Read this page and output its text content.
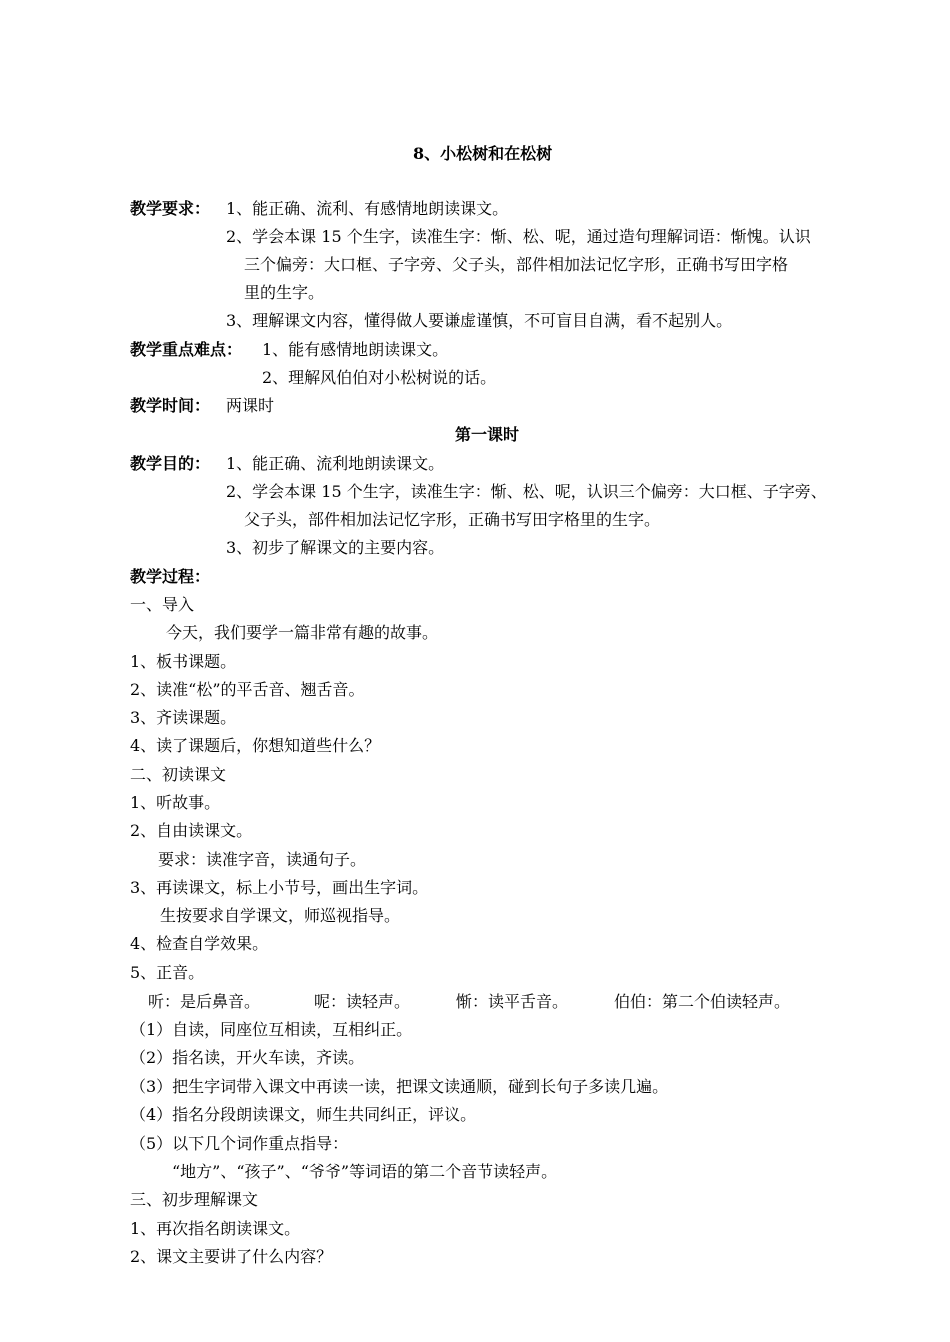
8、小松树和在松树
教学要求： 1、能正确、流利、有感情地朗读课文。
2、学会本课 15 个生字，读准生字：惭、松、呢，通过造句理解词语：惭愧。认识
三个偏旁：大口框、子字旁、父子头，部件相加法记忆字形，正确书写田字格
里的生字。
3、理解课文内容，懂得做人要谦虚谨慎，不可盲目自满，看不起别人。
教学重点难点： 1、能有感情地朗读课文。
2、理解风伯伯对小松树说的话。
教学时间： 两课时
第一课时
教学目的： 1、能正确、流利地朗读课文。
2、学会本课 15 个生字，读准生字：惭、松、呢，认识三个偏旁：大口框、子字旁、
父子头，部件相加法记忆字形，正确书写田字格里的生字。
3、初步了解课文的主要内容。
教学过程：
一、导入
今天，我们要学一篇非常有趣的故事。
1、板书课题。
2、读准“松”的平舌音、翘舌音。
3、齐读课题。
4、读了课题后，你想知道些什么？
二、初读课文
1、听故事。
2、自由读课文。
要求：读准字音，读通句子。
3、再读课文，标上小节号，画出生字词。
生按要求自学课文，师巡视指导。
4、检查自学效果。
5、正音。
听：是后鼻音。	呢：读轻声。	惭：读平舌音。	伯伯：第二个伯读轻声。
（1）自读，同座位互相读，互相纠正。
（2）指名读，开火车读，齐读。
（3）把生字词带入课文中再读一读，把课文读通顺，碰到长句子多读几遍。
（4）指名分段朗读课文，师生共同纠正，评议。
（5）以下几个词作重点指导：
“地方”、“孩子”、“爷爷”等词语的第二个音节读轻声。
三、初步理解课文
1、再次指名朗读课文。
2、课文主要讲了什么内容？
